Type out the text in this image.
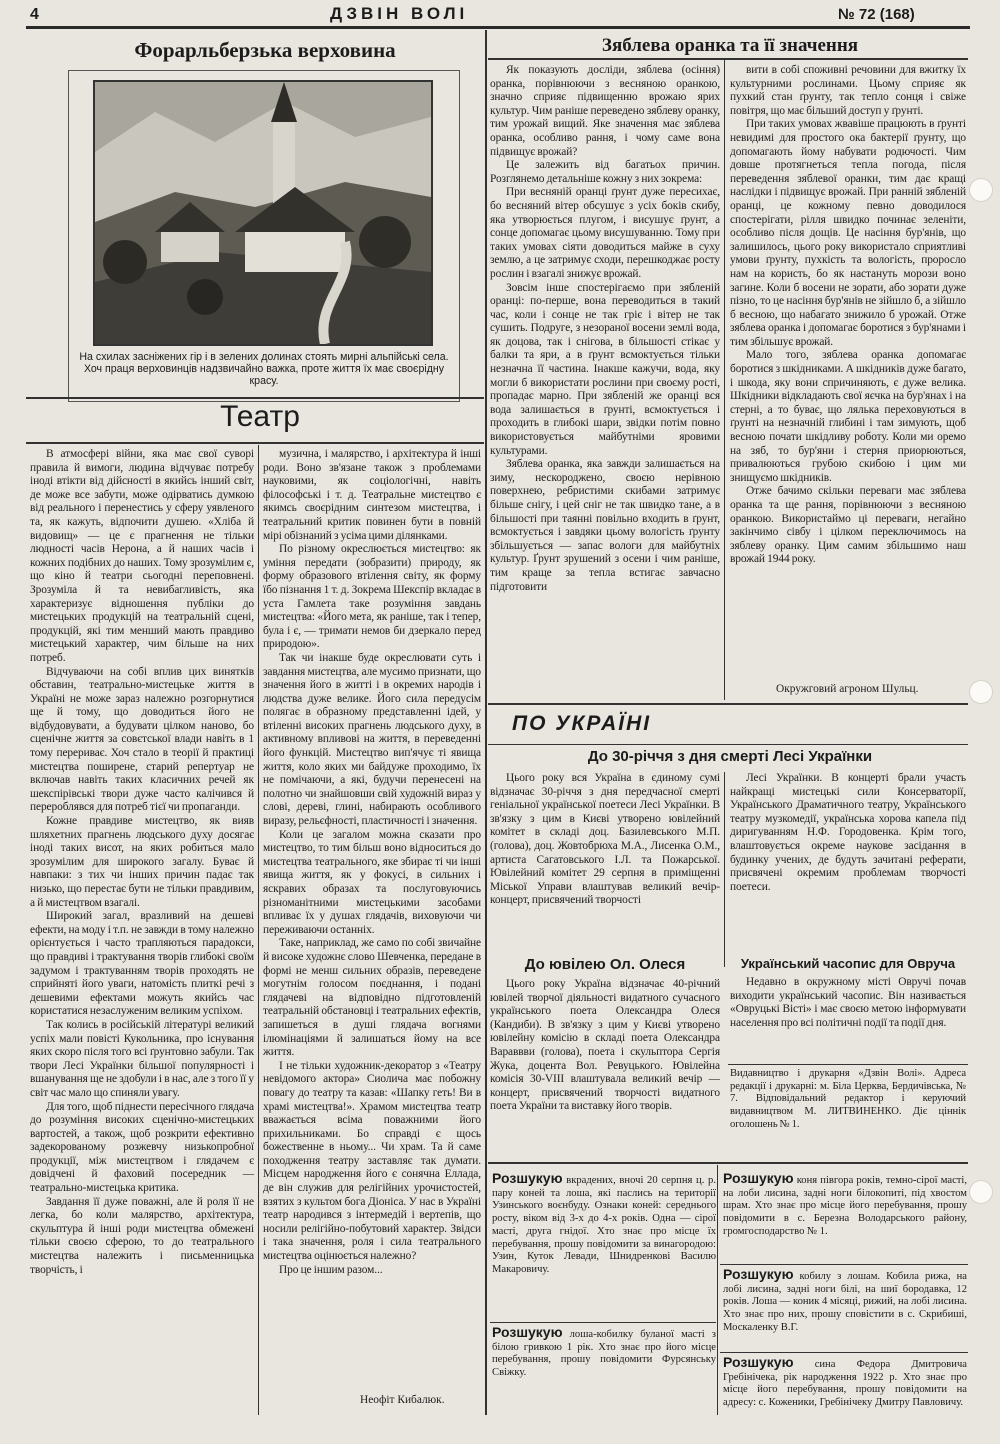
4	ДЗВІН ВОЛІ	№ 72 (168)
Форарльберзька верховина
На схилах засніжених гір і в зелених долинах стоять мирні альпійські села. Хоч праця верховинців надзвичайно важка, проте життя їх має своєрідну красу.
Театр

В атмосфері війни, яка має свої суворі правила й вимоги, людина відчуває потребу іноді втікти від дійсності в якийсь інший світ, де може все забути, може одірватись думкою від реального і перенестись у сферу уявленого та, як кажуть, відпочити душею. «Хліба й видовищ» — це є прагнення не тільки людності часів Нерона, а й наших часів і кожних подібних до наших. Тому зрозумілим є, що кіно й театри сьогодні переповнені. Зрозуміла й та невибагливість, яка характеризує відношення публіки до мистецьких продукцій на театральній сцені, продукцій, які тим менший мають правдиво мистецький характер, чим більше на них потреб.

Відчуваючи на собі вплив цих винятків обставин, театрально-мистецьке життя в Україні не може зараз належно розгорнутися ще й тому, що доводиться його не відбудовувати, а будувати цілком наново, бо сценічне життя за совєтської влади навіть в 1 тому перериває. Хоч стало в теорії й практиці мистецтва поширене, старий репертуар не включав навіть таких класичних речей як шекспірівські твори дуже часто калічився й перероблявся для потреб тієї чи пропаганди.

Кожне правдиве мистецтво, як вияв шляхетних прагнень людського духу досягає іноді таких висот, на яких робиться мало зрозумілим для широкого загалу. Буває й навпаки: з тих чи інших причин падає так низько, що перестає бути не тільки правдивим, а й мистецтвом взагалі.

Широкий загал, вразливий на дешеві ефекти, на моду і т.п. не завжди в тому належно орієнтується і часто трапляються парадокси, що правдиві і трактування творів глибокі своїм задумом і трактуванням творів проходять не сприйняті його уваги, натомість плиткі речі з дешевими ефектами можуть якийсь час користатися незаслуженим великим успіхом.

Так колись в російській літературі великий успіх мали повісті Кукольника, про існування яких скоро після того всі ґрунтовно забули. Так твори Лесі Українки більшої популярності і вшанування ще не здобули і в нас, але з того її у світ час мало що спиняли увагу.

Для того, щоб піднести пересічного глядача до розуміння високих сценічно-мистецьких вартостей, а також, щоб розкрити ефективно задекорованому розжевчу низькопробної продукції, між мистецтвом і глядачем є довідчені й фаховий посередник — театрально-мистецька критика.

Завдання її дуже поважні, але й роля її не легка, бо коли малярство, архітектура, скульптура й інші роди мистецтва обмежені тільки своєю сферою, то до театрального мистецтва належить і письменницька творчість, і

музична, і малярство, і архітектура й інші роди. Воно зв'язане також з проблемами науковими, як соціологічні, навіть філософські і т. д. Театральне мистецтво є якимсь своєрідним синтезом мистецтва, і театральний критик повинен бути в повній мірі обізнаний з усіма цими ділянками.

По різному окреслюється мистецтво: як уміння передати (зобразити) природу, як форму образового втілення світу, як форму їбо пізнання 1 т. д. Зокрема Шекспір вкладає в уста Гамлета таке розуміння завдань мистецтва: «Його мета, як раніше, так і тепер, була і є, — тримати немов би дзеркало перед природою».

Так чи інакше буде окреслювати суть і завдання мистецтва, але мусимо признати, що значення його в житті і в окремих народів і людства дуже велике. Його сила передусім полягає в образному представленні ідей, у втіленні високих прагнень людського духу, в активному впливові на життя, в переведенні його функцій. Мистецтво вип'ячує ті явища життя, коло яких ми байдуже проходимо, їх не помічаючи, а які, будучи перенесені на полотно чи знайшовши свій художній вираз у слові, дереві, глині, набирають особливого виразу, рельєфності, пластичності і значення.

Коли це загалом можна сказати про мистецтво, то тим більш воно відноситься до мистецтва театрального, яке збирає ті чи інші явища життя, як у фокусі, в сильних і яскравих образах та послуговуючись різноманітними мистецькими засобами впливає їх у душах глядачів, виховуючи чи переживаючи останніх.

Таке, наприклад, же само по собі звичайне й високе художнє слово Шевченка, передане в формі не менш сильних образів, переведене могутнім голосом поєднання, і подані глядачеві на відповідно підготовленій театральній обстановці і театральних ефектів, запишеться в душі глядача вогнями ілюмінаціями й залишаться йому на все життя.

І не тільки художник-декоратор з «Театру невідомого актора» Сиолича має побожну повагу до театру та казав: «Шапку геть! Ви в храмі мистецтва!». Храмом мистецтва театр вважається всіма поважними його прихильниками. Бо справді є щось божественне в ньому... Чи храм. Та й саме походження театру заставляє так думати. Місцем народження його є сонячна Еллада, де він служив для релігійних урочистостей, взятих з культом бога Діоніса. У нас в Україні театр народився з інтермедій і вертепів, що носили релігійно-побутовий характер. Звідси і така значення, роля і сила театрального мистецтва оцінюється належно?

Про це іншим разом...

Неофіт Кибалюк.
Зяблева оранка та її значення

Як показують досліди, зяблева (осіння) оранка, порівнюючи з весняною оранкою, значно сприяє підвищенню врожаю ярих культур. Чим раніше переведено зяблеву оранку, тим урожай вищий. Яке значення має зяблева оранка, особливо рання, і чому саме вона підвищує врожай?

Це залежить від багатьох причин. Розглянемо детальніше кожну з них зокрема:

При весняній оранці ґрунт дуже пересихає, бо весняний вітер обсушує з усіх боків скибу, яка утворюється плугом, і висушує ґрунт, а сонце допомагає цьому висушуванню. Тому при таких умовах сіяти доводиться майже в суху землю, а це затримує сходи, перешкоджає росту рослин і взагалі знижує врожай.

Зовсім інше спостерігаємо при зябленій оранці: по-перше, вона переводиться в такий час, коли і сонце не так гріє і вітер не так сушить. Подруге, з незораної восени землі вода, як доцова, так і снігова, в більшості стікає у балки та яри, а в ґрунт всмоктується тільки незначна її частина. Інакше кажучи, вода, яку могли б використати рослини при своєму рості, пропадає марно. При зябленій же оранці вся вода залишається в ґрунті, всмоктується і проходить в глибокі шари, звідки потім повно використовується майбутніми яровими культурами.

Зяблева оранка, яка завжди залишається на зиму, нескороджено, своєю нерівною поверхнею, ребристими скибами затримує більше снігу, і цей сніг не так швидко тане, а в більшості при таянні повільно входить в ґрунт, всмоктується і завдяки цьому вологість ґрунту збільшується — запас вологи для майбутніх культур. Ґрунт зрушений з осени і чим раніше, тим краще за тепла встигає завчасно підготовити

вити в собі споживні речовини для вжитку їх культурними рослинами. Цьому сприяє як пухкий стан ґрунту, так тепло сонця і свіже повітря, що має більший доступ у ґрунті.

При таких умовах жвавіше працюють в ґрунті невидимі для простого ока бактерії ґрунту, що допомагають йому набувати родючості. Чим довше протягнеться тепла погода, після переведення зяблевої оранки, тим дає кращі наслідки і підвищує врожай. При ранній зябленій оранці, це кожному певно доводилося спостерігати, рілля швидко починає зеленіти, особливо після дощів. Це насіння бур'янів, що залишилось, цього року використало сприятливі умови ґрунту, пухкість та вологість, проросло нам на користь, бо як настануть морози воно загине. Коли б восени не зорати, або зорати дуже пізно, то це насіння бур'янів не зійшло б, а зійшло б весною, що набагато знижило б урожай. Отже зяблева оранка і допомагає боротися з бур'янами і тим збільшує врожай.

Мало того, зяблева оранка допомагає боротися з шкідниками. А шкідників дуже багато, і шкода, яку вони спричиняють, є дуже велика. Шкідники відкладають свої яєчка на бур'янах і на стерні, а то буває, що лялька переховуються в ґрунті на незначній глибині і там зимують, щоб весною почати шкідливу роботу. Коли ми оремо на зяб, то бур'яни і стерня приорюються, привалюються грубою скибою і цим ми знищуємо шкідників.

Отже бачимо скільки переваги має зяблева оранка та ще рання, порівнюючи з весняною оранкою. Використаймо ці переваги, негайно закінчимо сівбу і цілком переключимось на зяблеву оранку. Цим самим збільшимо наш врожай 1944 року.

Окружговий агроном Шульц.
ПО УКРАЇНІ
До 30-річчя з дня смерті Лесі Українки

Цього року вся Україна в єдиному сумі відзначає 30-річчя з дня передчасної смерті геніальної української поетеси Лесі Українки. В зв'язку з цим в Києві утворено ювілейний комітет в складі доц. Базилевського М.П. (голова), доц. Жовтобрюха М.А., Лисенка О.М., артиста Сагатовського І.Л. та Пожарської. Ювілейний комітет 29 серпня в приміщенні Міської Управи влаштував великий вечір-концерт, присвячений творчості

Лесі Українки. В концерті брали участь найкращі мистецькі сили Консерваторії, Українського Драматичного театру, Українського театру музкомедії, українська хорова капела під диригуванням Н.Ф. Городовенка. Крім того, влаштовується окреме наукове засідання в будинку учених, де будуть зачитані реферати, присвячені окремим проблемам творчості поетеси.

До ювілею Ол. Олеся

Цього року Україна відзначає 40-річний ювілей творчої діяльності видатного сучасного українського поета Олександра Олеся (Кандиби). В зв'язку з цим у Києві утворено ювілейну комісію в складі поета Олександра Вараввви (голова), поета і скульптора Сергія Жука, доцента Вол. Ревуцького. Ювілейна комісія 30-VIII влаштувала великий вечір — концерт, присвячений творчості видатного поета України та виставку його творів.

Український часопис для Овруча

Недавно в окружному місті Овручі почав виходити український часопис. Він називається «Овруцькі Вісті» і має своєю метою інформувати населення про всі політичні події та події дня.

Видавництво і друкарня «Дзвін Волі». Адреса редакції і друкарні: м. Біла Церква, Бердичівська, № 7. Відповідальний редактор і керуючий видавництвом М. ЛИТВИНЕНКО. Діє ціннік оголошень № 1.
Розшукую вкрадених, вночі 20 серпня ц. р. пару коней та лоша, які паслись на території Узинського воєнбуду. Ознаки коней: середнього росту, віком від 3-х до 4-х років. Одна — сірої масті, друга гнідої. Хто знає про місце їх перебування, прошу повідомити за винагородою: Узин, Куток Левади, Шнидренкові Василю Макаровичу.
Розшукую лоша-кобилку буланої масті з білою гривкою 1 рік. Хто знає про його місце перебування, прошу повідомити Фурсянську Свіжку.
Розшукую коня півгора років, темно-сірої масті, на лоби лисина, задні ноги білокопиті, під хвостом шрам. Хто знає про місце його перебування, прошу повідомити в с. Березна Володарського району, громгосподарство № 1.
Розшукую кобилу з лошам. Кобила рижа, на лобі лисина, задні ноги білі, на шиї бородавка, 12 років. Лоша — коник 4 місяці, рижий, на лобі лисина. Хто знає про них, прошу сповістити в с. Скрибиші, Москаленку В.Г.
Розшукую сина Федора Дмитровича Гребінічека, рік народження 1922 р. Хто знає про місце його перебування, прошу повідомити на адресу: с. Коженики, Гребінічеку Дмитру Павловичу.
